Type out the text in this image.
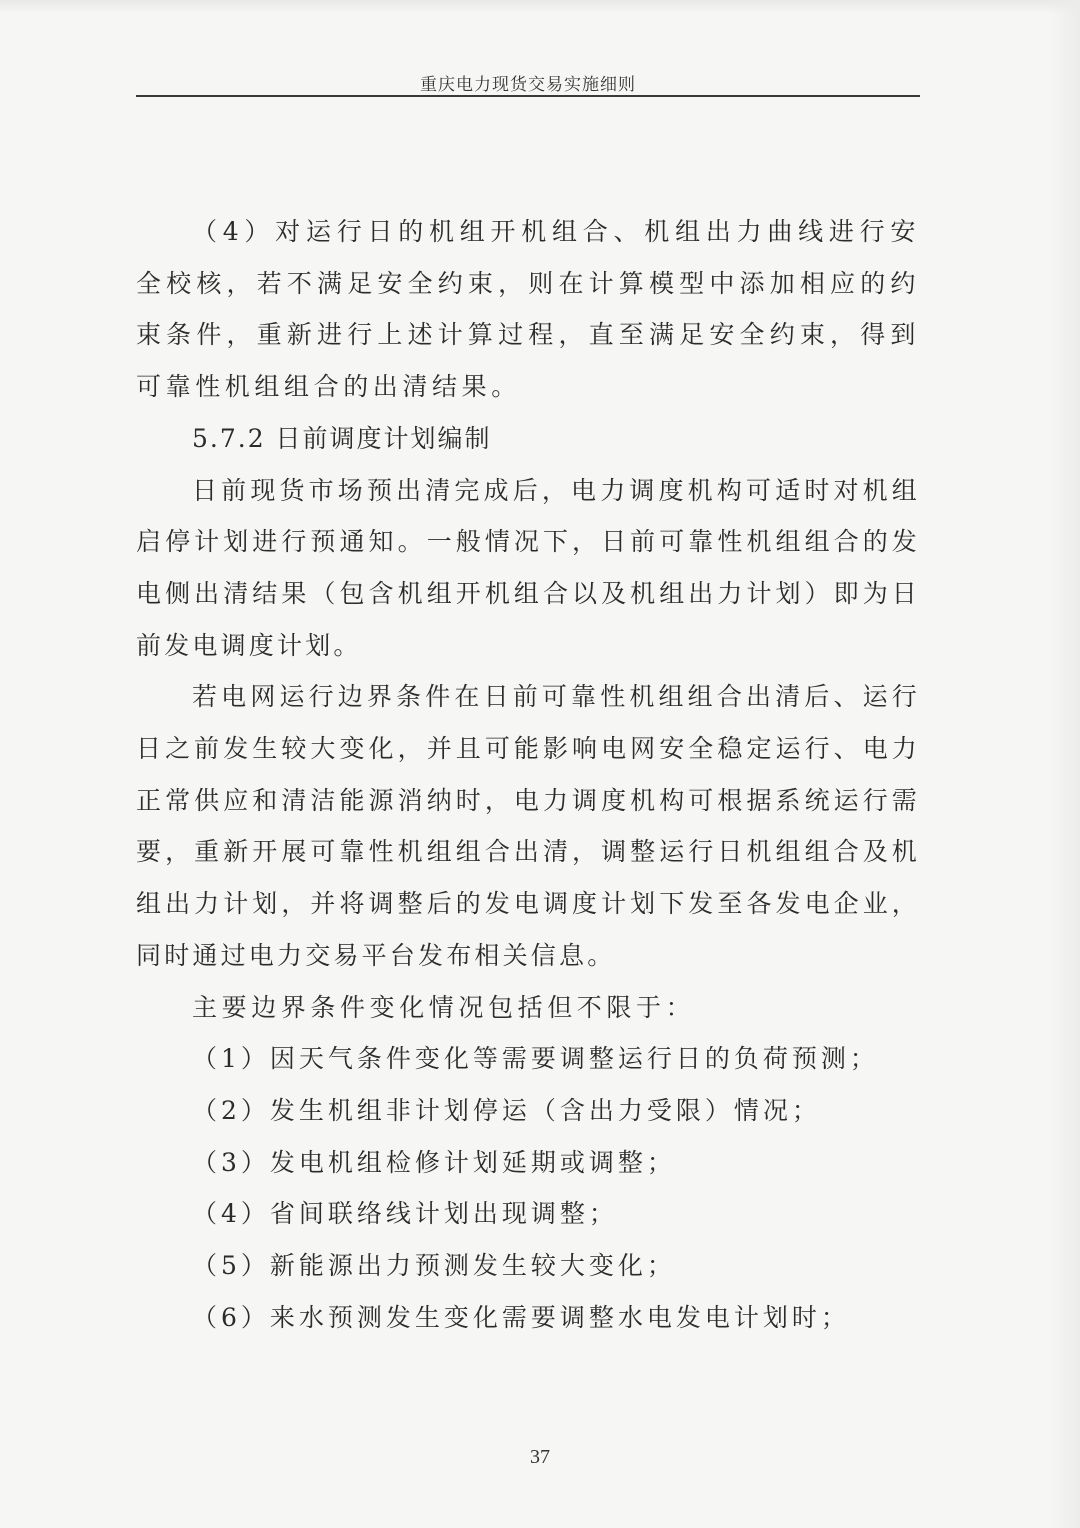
重庆电力现货交易实施细则

（4）对运行日的机组开机组合、机组出力曲线进行安全校核，若不满足安全约束，则在计算模型中添加相应的约束条件，重新进行上述计算过程，直至满足安全约束，得到可靠性机组组合的出清结果。

5.7.2 日前调度计划编制

日前现货市场预出清完成后，电力调度机构可适时对机组启停计划进行预通知。一般情况下，日前可靠性机组组合的发电侧出清结果（包含机组开机组合以及机组出力计划）即为日前发电调度计划。

若电网运行边界条件在日前可靠性机组组合出清后、运行日之前发生较大变化，并且可能影响电网安全稳定运行、电力正常供应和清洁能源消纳时，电力调度机构可根据系统运行需要，重新开展可靠性机组组合出清，调整运行日机组组合及机组出力计划，并将调整后的发电调度计划下发至各发电企业，同时通过电力交易平台发布相关信息。

主要边界条件变化情况包括但不限于：

（1）因天气条件变化等需要调整运行日的负荷预测；

（2）发生机组非计划停运（含出力受限）情况；

（3）发电机组检修计划延期或调整；

（4）省间联络线计划出现调整；

（5）新能源出力预测发生较大变化；

（6）来水预测发生变化需要调整水电发电计划时；

37
